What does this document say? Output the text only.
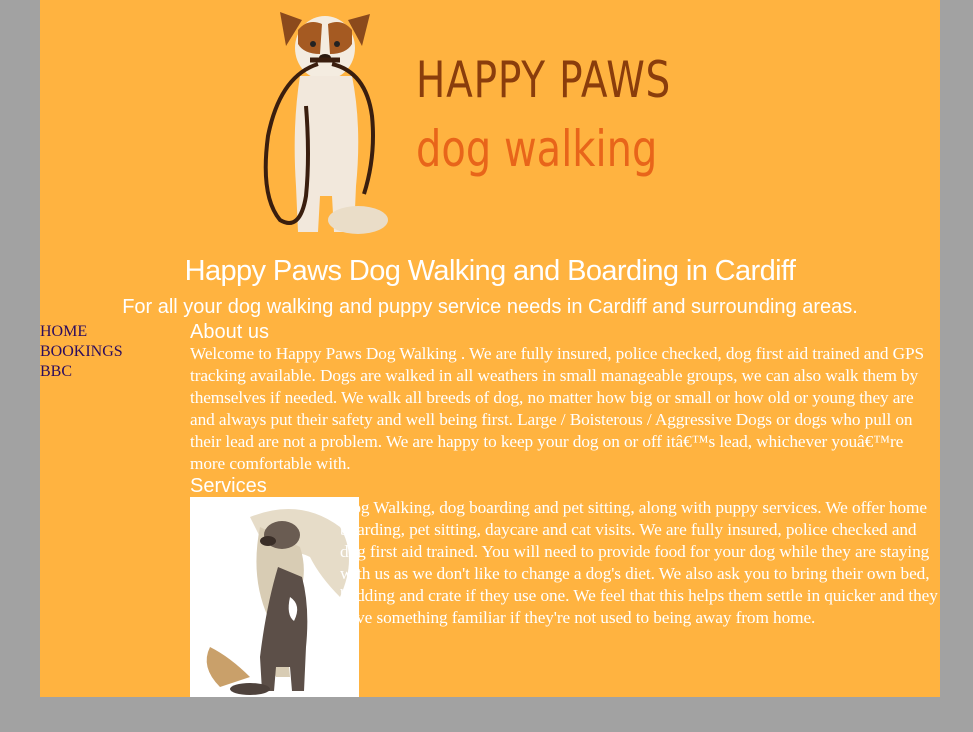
HAPPY PAWS
dog walking
Happy Paws Dog Walking and Boarding in Cardiff

For all your dog walking and puppy service needs in Cardiff and surrounding areas.

HOME
BOOKINGS
BBC
About us

Welcome to Happy Paws Dog Walking . We are fully insured, police checked, dog first aid trained and GPS tracking available. Dogs are walked in all weathers in small manageable groups, we can also walk them by themselves if needed. We walk all breeds of dog, no matter how big or small or how old or young they are and always put their safety and well being first. Large / Boisterous / Aggressive Dogs or dogs who pull on their lead are not a problem. We are happy to keep your dog on or off itâ€™s lead, whichever youâ€™re more comfortable with.

Services

Dog Walking, dog boarding and pet sitting, along with puppy services. We offer home boarding, pet sitting, daycare and cat visits. We are fully insured, police checked and dog first aid trained. You will need to provide food for your dog while they are staying with us as we don't like to change a dog's diet. We also ask you to bring their own bed, bedding and crate if they use one. We feel that this helps them settle in quicker and they have something familiar if they're not used to being away from home.
